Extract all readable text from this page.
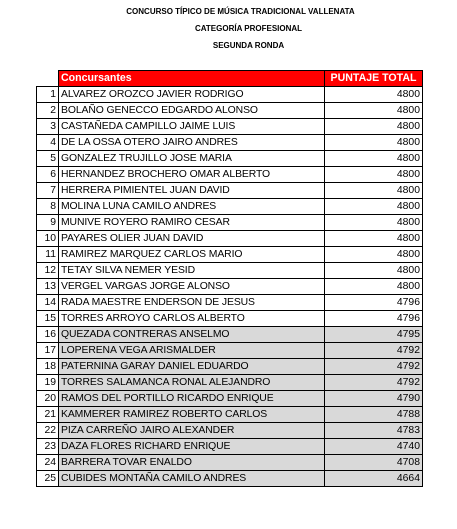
CONCURSO TÍPICO DE MÚSICA TRADICIONAL VALLENATA
CATEGORÍA PROFESIONAL
SEGUNDA RONDA
	Concursantes	PUNTAJE TOTAL
1	ALVAREZ OROZCO JAVIER RODRIGO	4800
2	BOLAÑO GENECCO EDGARDO ALONSO	4800
3	CASTAÑEDA CAMPILLO JAIME LUIS	4800
4	DE LA OSSA OTERO JAIRO ANDRES	4800
5	GONZALEZ TRUJILLO JOSE MARIA	4800
6	HERNANDEZ BROCHERO OMAR ALBERTO	4800
7	HERRERA PIMIENTEL JUAN DAVID	4800
8	MOLINA LUNA CAMILO ANDRES	4800
9	MUNIVE ROYERO RAMIRO CESAR	4800
10	PAYARES OLIER JUAN DAVID	4800
11	RAMIREZ MARQUEZ CARLOS MARIO	4800
12	TETAY SILVA NEMER YESID	4800
13	VERGEL VARGAS JORGE ALONSO	4800
14	RADA MAESTRE ENDERSON DE JESUS	4796
15	TORRES ARROYO CARLOS ALBERTO	4796
16	QUEZADA CONTRERAS ANSELMO	4795
17	LOPERENA VEGA ARISMALDER	4792
18	PATERNINA GARAY DANIEL EDUARDO	4792
19	TORRES SALAMANCA RONAL ALEJANDRO	4792
20	RAMOS DEL PORTILLO RICARDO ENRIQUE	4790
21	KAMMERER RAMIREZ ROBERTO CARLOS	4788
22	PIZA CARREÑO JAIRO ALEXANDER	4783
23	DAZA FLORES RICHARD ENRIQUE	4740
24	BARRERA TOVAR ENALDO	4708
25	CUBIDES MONTAÑA CAMILO ANDRES	4664
